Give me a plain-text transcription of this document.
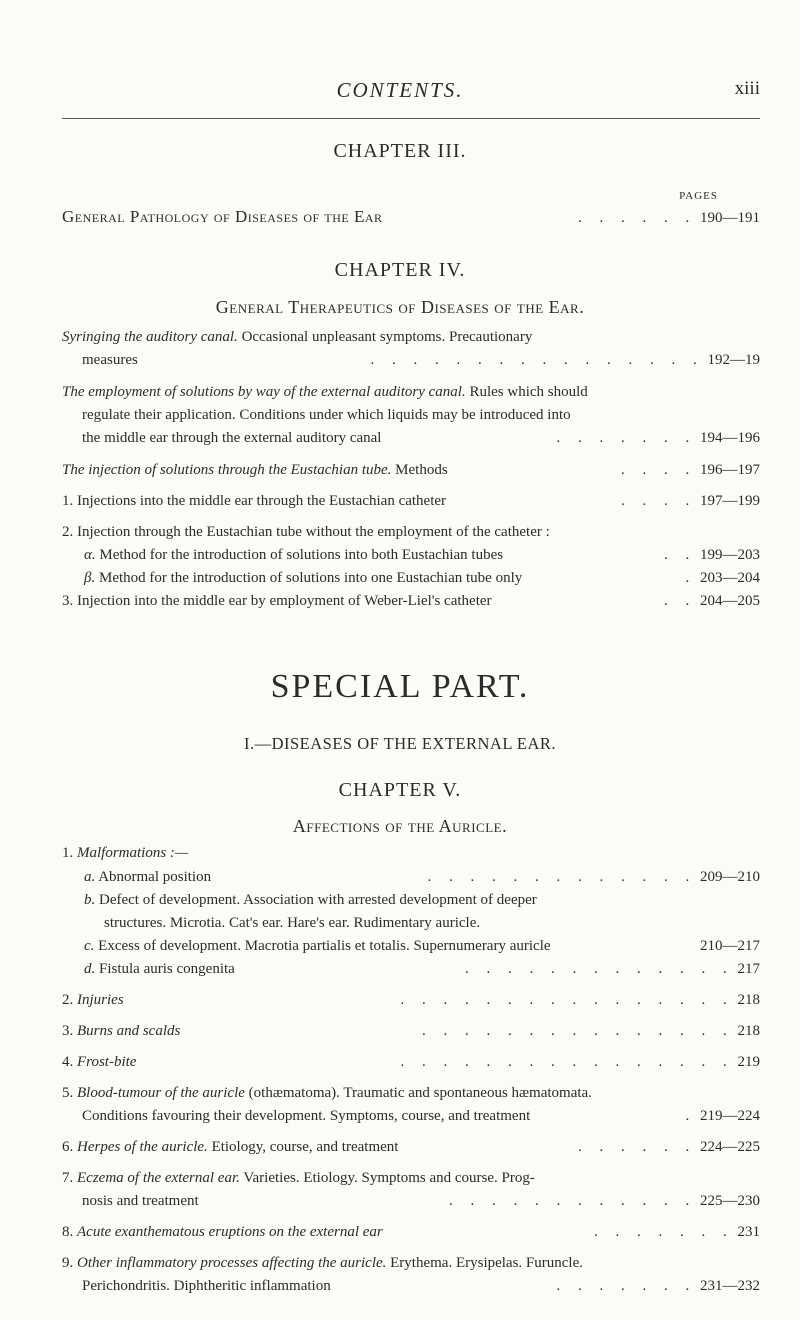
CONTENTS.	xiii
CHAPTER III.
PAGES
General Pathology of Diseases of the Ear	. . . . . . 190—191
CHAPTER IV.
General Therapeutics of Diseases of the Ear.
Syringing the auditory canal. Occasional unpleasant symptoms. Precautionary
measures	. . . . . . . . . . . . . . . . 192—19
The employment of solutions by way of the external auditory canal. Rules which should
regulate their application. Conditions under which liquids may be introduced into
the middle ear through the external auditory canal	. . . . . . . 194—196
The injection of solutions through the Eustachian tube. Methods	. . . . 196—197
1. Injections into the middle ear through the Eustachian catheter	. . . . 197—199
2. Injection through the Eustachian tube without the employment of the catheter :
α. Method for the introduction of solutions into both Eustachian tubes	. . 199—203
β. Method for the introduction of solutions into one Eustachian tube only	. 203—204
3. Injection into the middle ear by employment of Weber-Liel's catheter	. . 204—205
SPECIAL PART.
I.—DISEASES OF THE EXTERNAL EAR.
CHAPTER V.
Affections of the Auricle.
1. Malformations :—
a. Abnormal position	. . . . . . . . . . . . . 209—210
b. Defect of development. Association with arrested development of deeper
structures. Microtia. Cat's ear. Hare's ear. Rudimentary auricle.
c. Excess of development. Macrotia partialis et totalis. Supernumerary auricle	210—217
d. Fistula auris congenita	. . . . . . . . . . . . . 217
2. Injuries	. . . . . . . . . . . . . . . . 218
3. Burns and scalds	. . . . . . . . . . . . . . . 218
4. Frost-bite	. . . . . . . . . . . . . . . . 219
5. Blood-tumour of the auricle (othæmatoma). Traumatic and spontaneous hæmatomata.
Conditions favouring their development. Symptoms, course, and treatment	. 219—224
6. Herpes of the auricle. Etiology, course, and treatment	. . . . . . 224—225
7. Eczema of the external ear. Varieties. Etiology. Symptoms and course. Prog-
nosis and treatment	. . . . . . . . . . . . 225—230
8. Acute exanthematous eruptions on the external ear	. . . . . . . 231
9. Other inflammatory processes affecting the auricle. Erythema. Erysipelas. Furuncle.
Perichondritis. Diphtheritic inflammation	. . . . . . . 231—232
